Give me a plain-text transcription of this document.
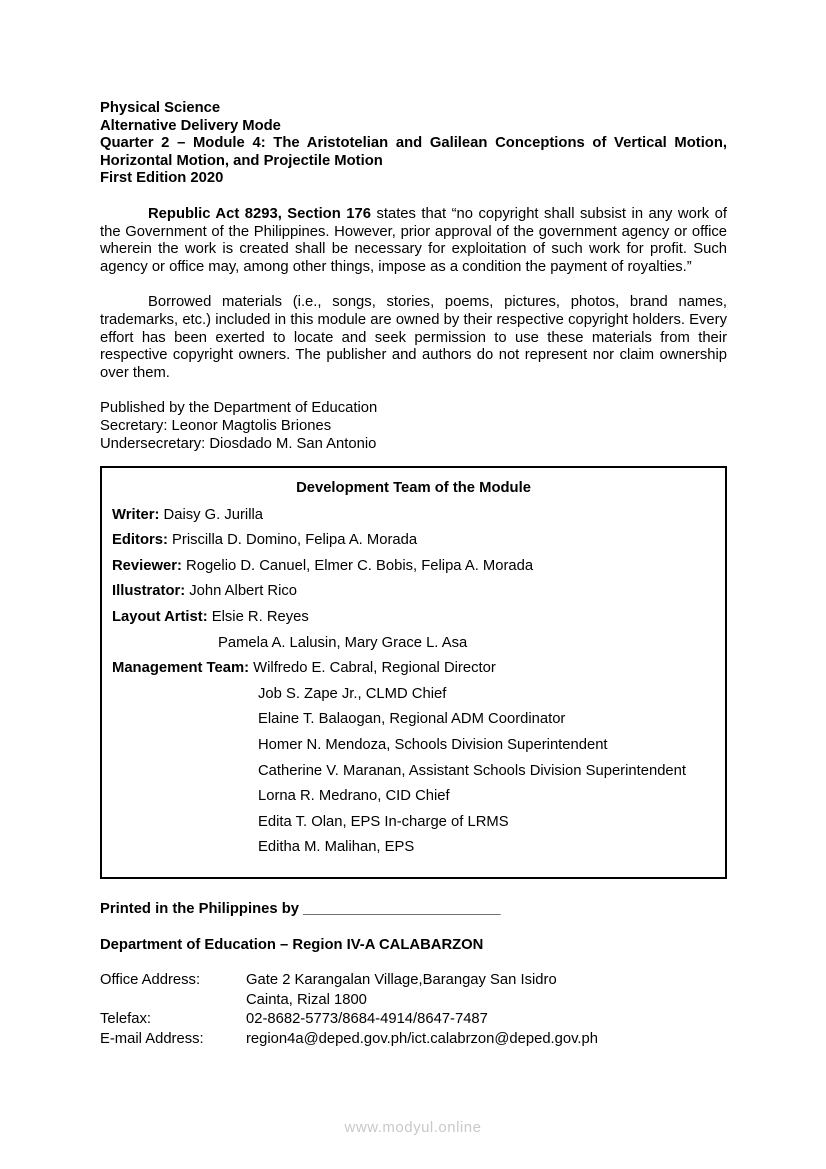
Physical Science
Alternative Delivery Mode
Quarter 2 – Module 4: The Aristotelian and Galilean Conceptions of Vertical Motion, Horizontal Motion, and Projectile Motion
First Edition 2020

Republic Act 8293, Section 176 states that “no copyright shall subsist in any work of the Government of the Philippines. However, prior approval of the government agency or office wherein the work is created shall be necessary for exploitation of such work for profit. Such agency or office may, among other things, impose as a condition the payment of royalties.”

Borrowed materials (i.e., songs, stories, poems, pictures, photos, brand names, trademarks, etc.) included in this module are owned by their respective copyright holders. Every effort has been exerted to locate and seek permission to use these materials from their respective copyright owners. The publisher and authors do not represent nor claim ownership over them.

Published by the Department of Education
Secretary: Leonor Magtolis Briones
Undersecretary: Diosdado M. San Antonio
Development Team of the Module
Writer: Daisy G. Jurilla
Editors: Priscilla D. Domino, Felipa A. Morada
Reviewer: Rogelio D. Canuel, Elmer C. Bobis, Felipa A. Morada
Illustrator: John Albert Rico
Layout Artist: Elsie R. Reyes
Pamela A. Lalusin, Mary Grace L. Asa
Management Team: Wilfredo E. Cabral, Regional Director
Job S. Zape Jr., CLMD Chief
Elaine T. Balaogan, Regional ADM Coordinator
Homer N. Mendoza, Schools Division Superintendent
Catherine V. Maranan, Assistant Schools Division Superintendent
Lorna R. Medrano, CID Chief
Edita T. Olan, EPS In-charge of LRMS
Editha M. Malihan, EPS
Printed in the Philippines by ________________________
Department of Education – Region IV-A CALABARZON
Office Address:	Gate 2 Karangalan Village,Barangay San Isidro
Cainta, Rizal 1800
Telefax:	02-8682-5773/8684-4914/8647-7487
E-mail Address:	region4a@deped.gov.ph/ict.calabrzon@deped.gov.ph
www.modyul.online
